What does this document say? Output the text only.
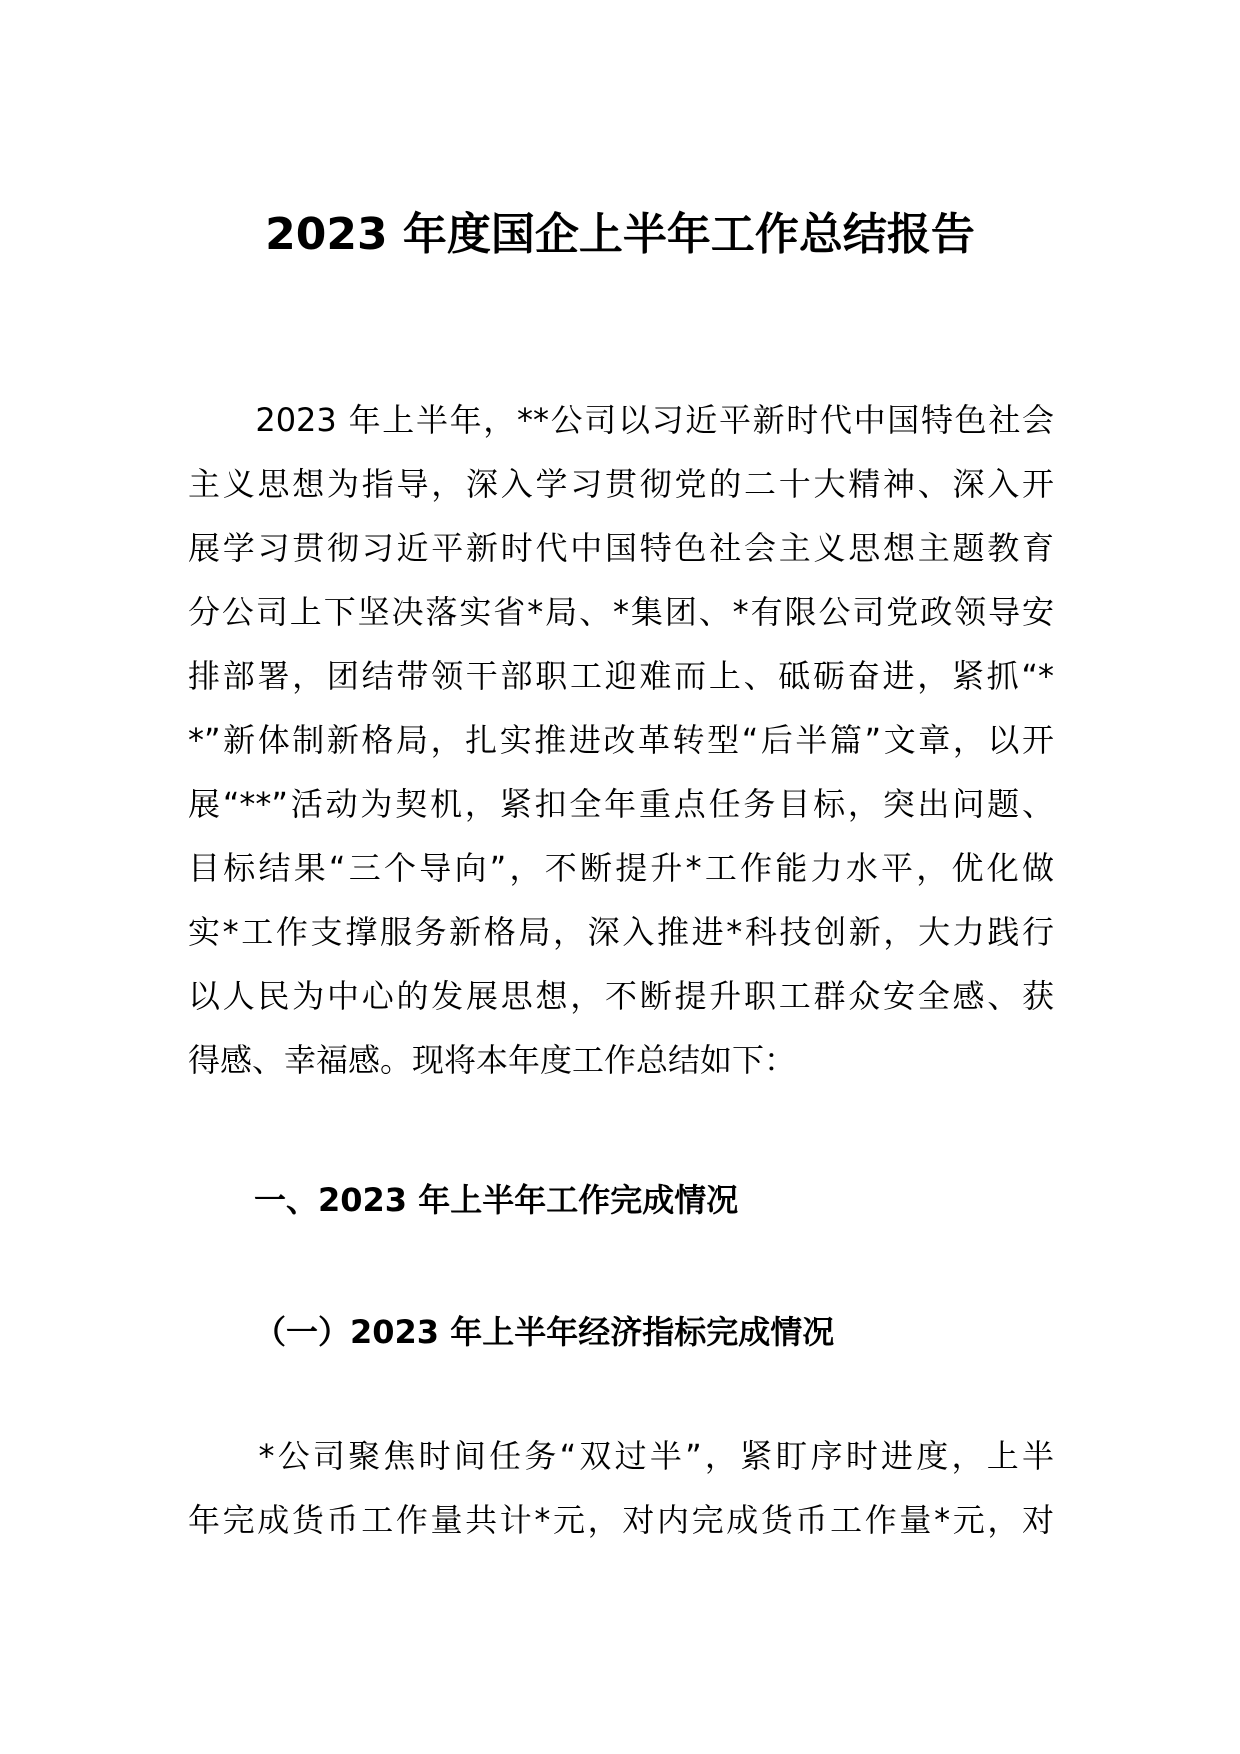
2023 年度国企上半年工作总结报告
　　2023 年上半年，**公司以习近平新时代中国特色社会
主义思想为指导，深入学习贯彻党的二十大精神、深入开
展学习贯彻习近平新时代中国特色社会主义思想主题教育
分公司上下坚决落实省*局、*集团、*有限公司党政领导安
排部署，团结带领干部职工迎难而上、砥砺奋进，紧抓“*
*”新体制新格局，扎实推进改革转型“后半篇”文章，以开
展“**”活动为契机，紧扣全年重点任务目标，突出问题、
目标结果“三个导向”，不断提升*工作能力水平，优化做
实*工作支撑服务新格局，深入推进*科技创新，大力践行
以人民为中心的发展思想，不断提升职工群众安全感、获
得感、幸福感。现将本年度工作总结如下：
一、2023 年上半年工作完成情况
（一）2023 年上半年经济指标完成情况
　　*公司聚焦时间任务“双过半”，紧盯序时进度，上半
年完成货币工作量共计*元，对内完成货币工作量*元，对
